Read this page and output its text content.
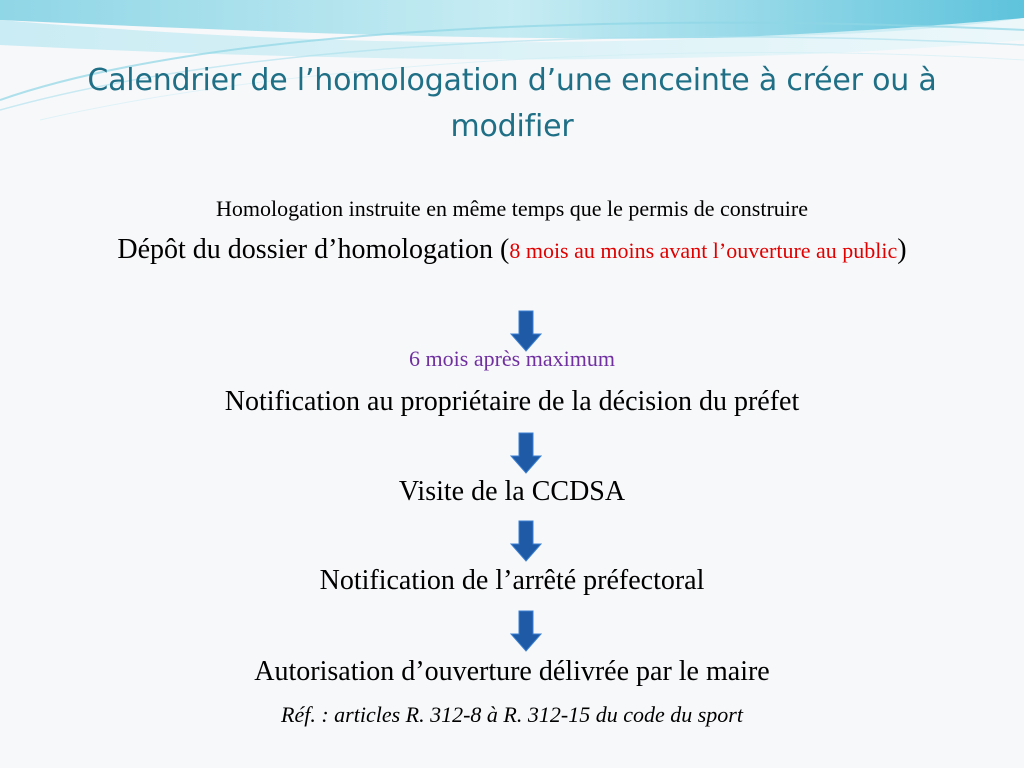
Calendrier de l’homologation d’une enceinte à créer ou à modifier
Homologation instruite en même temps que le permis de construire
Dépôt du dossier d’homologation (8 mois au moins avant l’ouverture au public)
6 mois après maximum
Notification au propriétaire de la décision du préfet
Visite de la CCDSA
Notification de l’arrêté préfectoral
Autorisation d’ouverture délivrée par le maire
Réf. : articles R. 312-8 à R. 312-15 du code du sport
